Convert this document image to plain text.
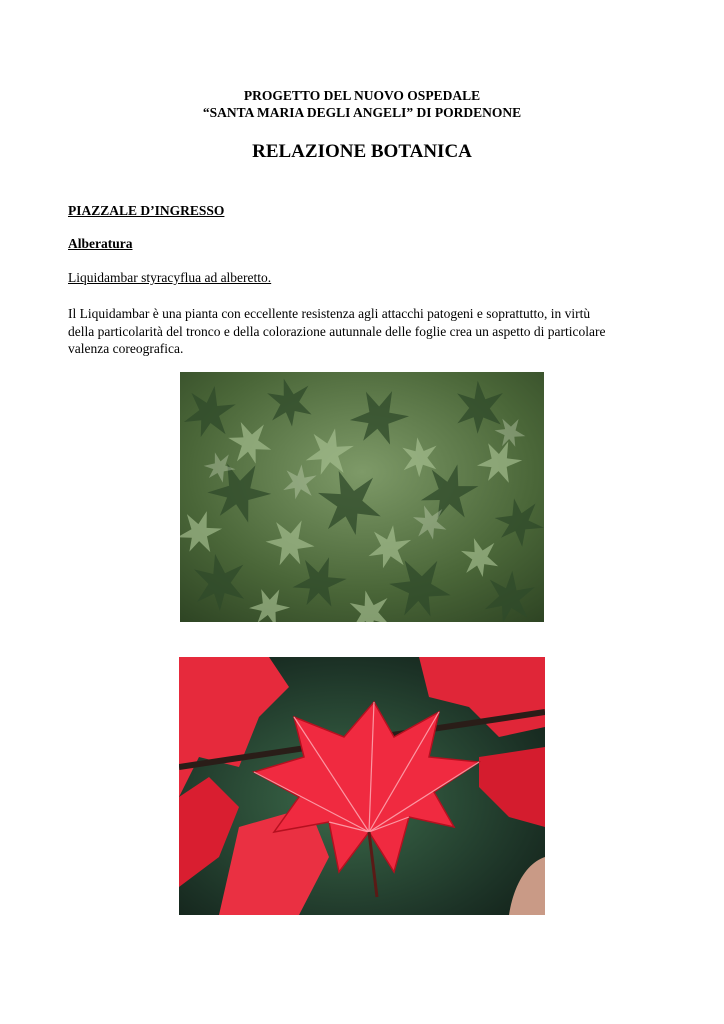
PROGETTO DEL NUOVO OSPEDALE
“SANTA MARIA DEGLI ANGELI” DI PORDENONE
RELAZIONE BOTANICA
PIAZZALE D’INGRESSO
Alberatura
Liquidambar styracyflua ad alberetto.
Il Liquidambar è una pianta con eccellente resistenza agli attacchi patogeni e soprattutto, in virtù
della particolarità del tronco e della colorazione autunnale delle foglie crea un aspetto di particolare
valenza coreografica.
